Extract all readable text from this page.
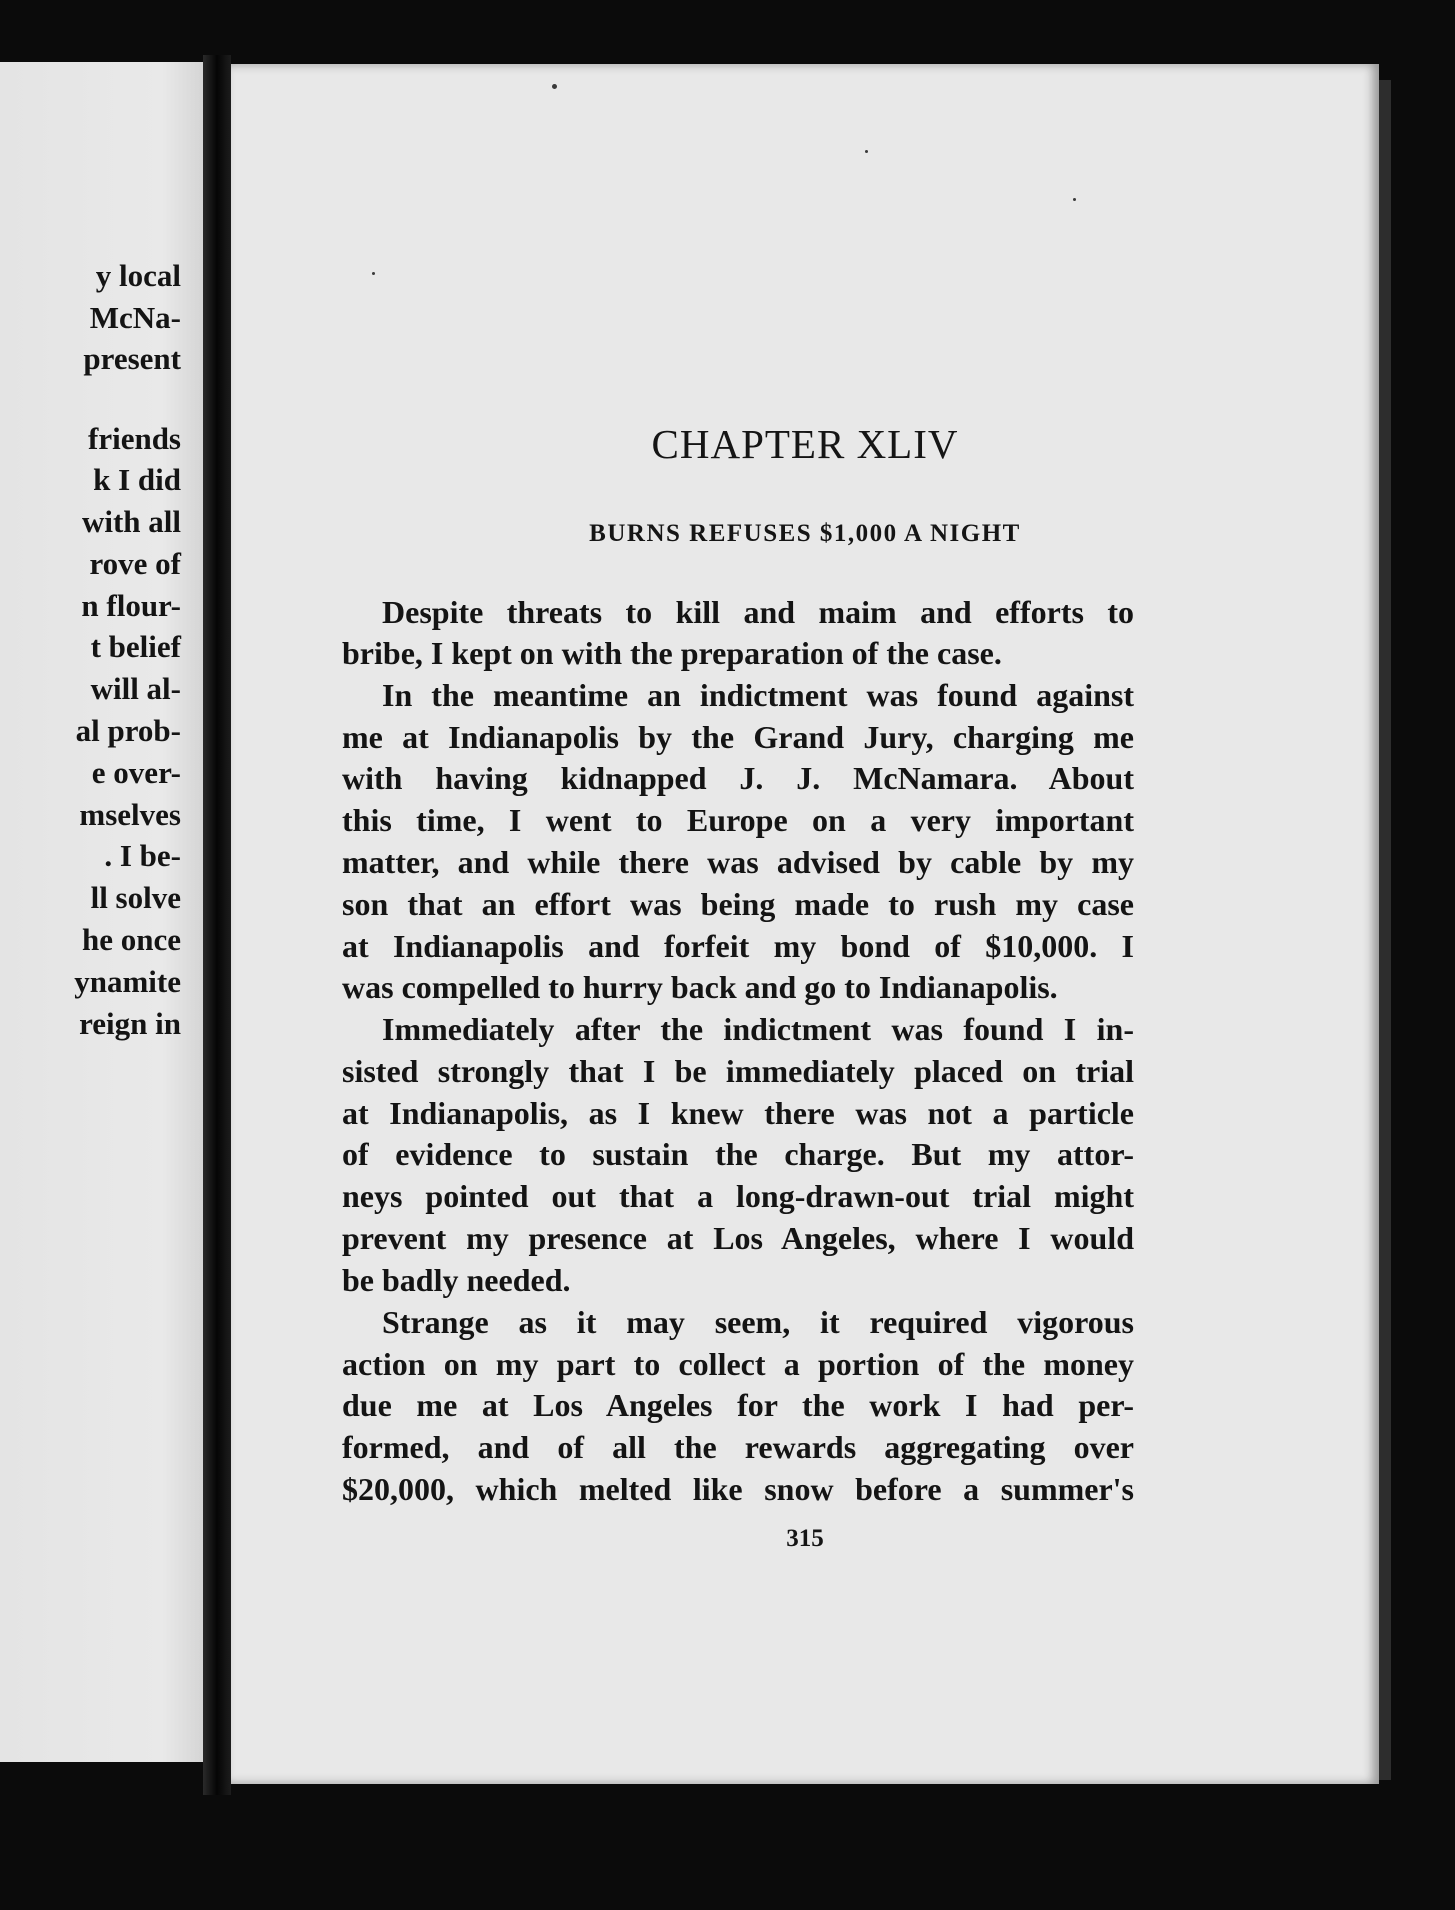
y local
McNa-
present
friends
k I did
with all
rove of
n flour-
t belief
will al-
al prob-
e over-
mselves
. I be-
ll solve
he once
ynamite
reign in
CHAPTER XLIV
BURNS REFUSES $1,000 A NIGHT
Despite threats to kill and maim and efforts to
bribe, I kept on with the preparation of the case.
In the meantime an indictment was found against
me at Indianapolis by the Grand Jury, charging me
with having kidnapped J. J. McNamara. About
this time, I went to Europe on a very important
matter, and while there was advised by cable by my
son that an effort was being made to rush my case
at Indianapolis and forfeit my bond of $10,000. I
was compelled to hurry back and go to Indianapolis.
Immediately after the indictment was found I in-
sisted strongly that I be immediately placed on trial
at Indianapolis, as I knew there was not a particle
of evidence to sustain the charge. But my attor-
neys pointed out that a long-drawn-out trial might
prevent my presence at Los Angeles, where I would
be badly needed.
Strange as it may seem, it required vigorous
action on my part to collect a portion of the money
due me at Los Angeles for the work I had per-
formed, and of all the rewards aggregating over
$20,000, which melted like snow before a summer's
315
